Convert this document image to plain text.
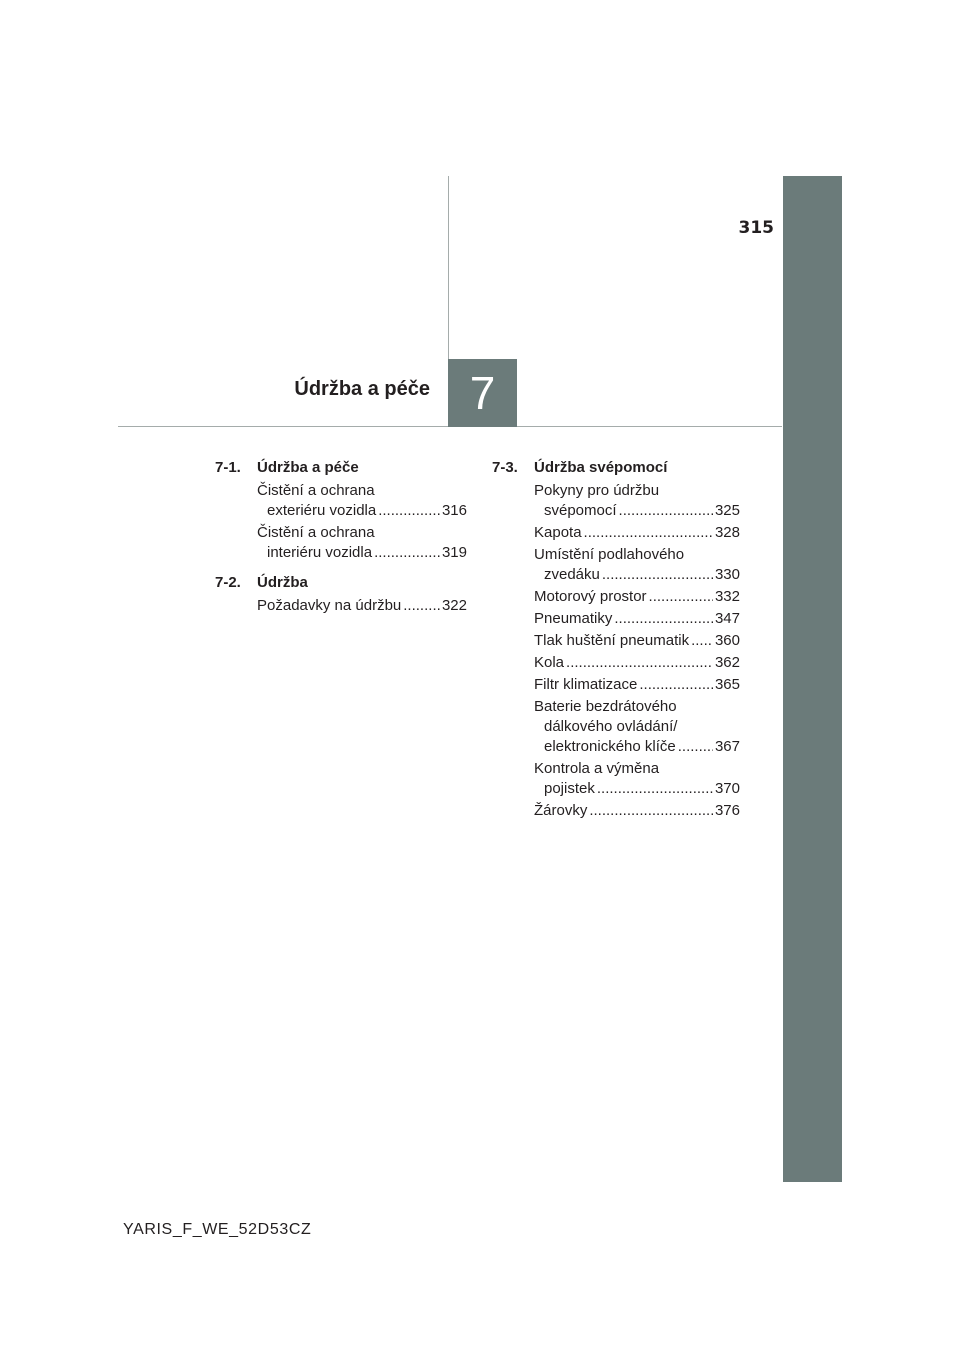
7
315
Údržba a péče
7-1.	Údržba a péče
Čistění a ochrana
exteriéru vozidla .....	316
Čistění a ochrana
interiéru vozidla .....	319
7-2.	Údržba
Požadavky na údržbu .....	322
7-3.	Údržba svépomocí
Pokyny pro údržbu
svépomocí .....	325
Kapota .....	328
Umístění podlahového
zvedáku .....	330
Motorový prostor .....	332
Pneumatiky .....	347
Tlak huštění pneumatik ..... 360
Kola .....	362
Filtr klimatizace .....	365
Baterie bezdrátového
dálkového ovládání/
elektronického klíče .....	367
Kontrola a výměna
pojistek .....	370
Žárovky .....	376
YARIS_F_WE_52D53CZ
